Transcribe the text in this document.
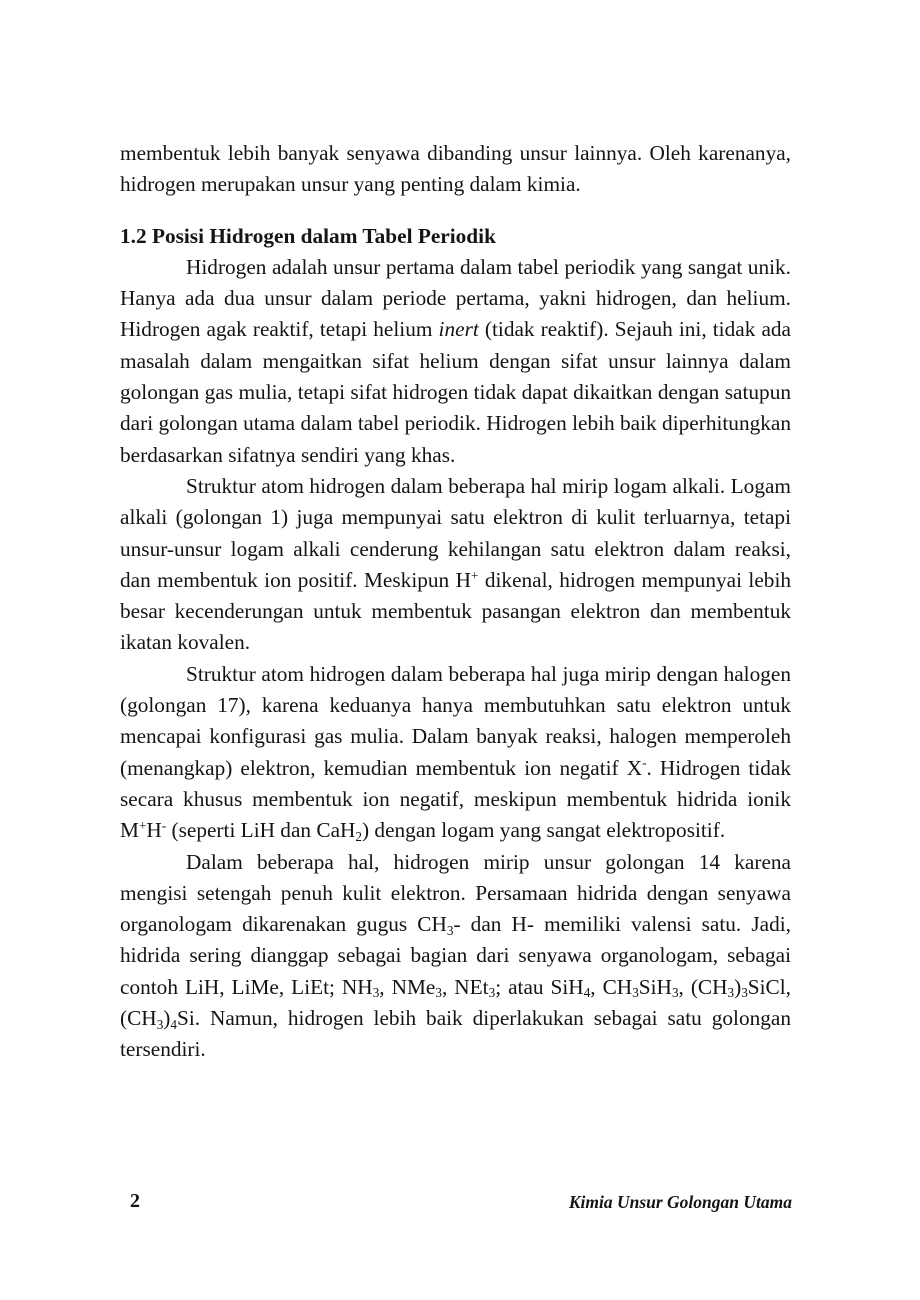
membentuk lebih banyak senyawa dibanding unsur lainnya. Oleh karenanya, hidrogen merupakan unsur yang penting dalam kimia.

1.2 Posisi Hidrogen dalam Tabel Periodik

Hidrogen adalah unsur pertama dalam tabel periodik yang sangat unik. Hanya ada dua unsur dalam periode pertama, yakni hidrogen, dan helium. Hidrogen agak reaktif, tetapi helium inert (tidak reaktif). Sejauh ini, tidak ada masalah dalam mengaitkan sifat helium dengan sifat unsur lainnya dalam golongan gas mulia, tetapi sifat hidrogen tidak dapat dikaitkan dengan satupun dari golongan utama dalam tabel periodik. Hidrogen lebih baik diperhitungkan berdasarkan sifatnya sendiri yang khas.

Struktur atom hidrogen dalam beberapa hal mirip logam alkali. Logam alkali (golongan 1) juga mempunyai satu elektron di kulit terluarnya, tetapi unsur-unsur logam alkali cenderung kehilangan satu elektron dalam reaksi, dan membentuk ion positif. Meskipun H+ dikenal, hidrogen mempunyai lebih besar kecenderungan untuk membentuk pasangan elektron dan membentuk ikatan kovalen.

Struktur atom hidrogen dalam beberapa hal juga mirip dengan halogen (golongan 17), karena keduanya hanya membutuhkan satu elektron untuk mencapai konfigurasi gas mulia. Dalam banyak reaksi, halogen memperoleh (menangkap) elektron, kemudian membentuk ion negatif X-. Hidrogen tidak secara khusus membentuk ion negatif, meskipun membentuk hidrida ionik M+H- (seperti LiH dan CaH$_2$) dengan logam yang sangat elektropositif.

Dalam beberapa hal, hidrogen mirip unsur golongan 14 karena mengisi setengah penuh kulit elektron. Persamaan hidrida dengan senyawa organologam dikarenakan gugus $CH_3-$ dan H- memiliki valensi satu. Jadi, hidrida sering dianggap sebagai bagian dari senyawa organologam, sebagai contoh LiH, LiMe, LiEt; $NH_3$, NMe$_3$, NEt$_3$; atau SiH$_4$, $CH_3SiH_3$, $(CH_3)_3SiCl$, $(CH_3)_4Si$. Namun, hidrogen lebih baik diperlakukan sebagai satu golongan tersendiri.

2	Kimia Unsur Golongan Utama
